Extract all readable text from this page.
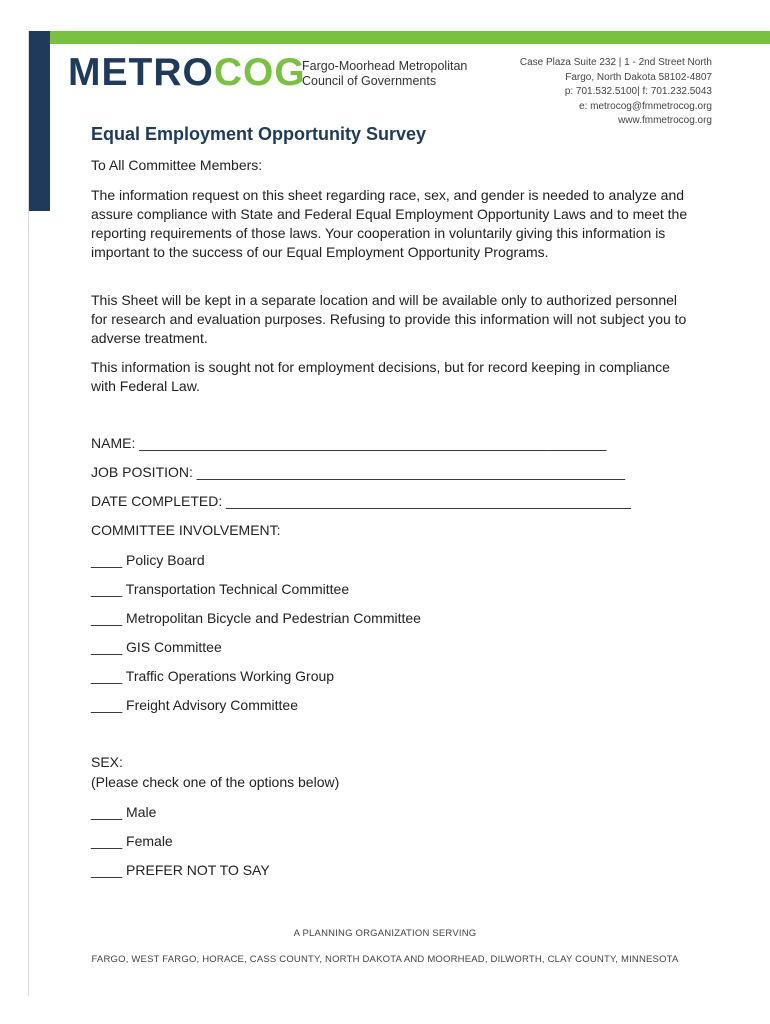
METROCOG
Fargo-Moorhead Metropolitan
Council of Governments
Case Plaza Suite 232 | 1 - 2nd Street North
Fargo, North Dakota 58102-4807
p: 701.532.5100| f: 701.232.5043
e: metrocog@fmmetrocog.org
www.fmmetrocog.org
Equal Employment Opportunity Survey
To All Committee Members:
The information request on this sheet regarding race, sex, and gender is needed to analyze and assure compliance with State and Federal Equal Employment Opportunity Laws and to meet the reporting requirements of those laws. Your cooperation in voluntarily giving this information is important to the success of our Equal Employment Opportunity Programs.
This Sheet will be kept in a separate location and will be available only to authorized personnel for research and evaluation purposes. Refusing to provide this information will not subject you to adverse treatment.
This information is sought not for employment decisions, but for record keeping in compliance with Federal Law.
NAME: ____________________________________________________________
JOB POSITION: _______________________________________________________
DATE COMPLETED: ____________________________________________________
COMMITTEE INVOLVEMENT:
____ Policy Board
____ Transportation Technical Committee
____ Metropolitan Bicycle and Pedestrian Committee
____ GIS Committee
____ Traffic Operations Working Group
____ Freight Advisory Committee
SEX:
(Please check one of the options below)
____ Male
____ Female
____ PREFER NOT TO SAY
A PLANNING ORGANIZATION SERVING
FARGO, WEST FARGO, HORACE, CASS COUNTY, NORTH DAKOTA AND MOORHEAD, DILWORTH, CLAY COUNTY, MINNESOTA
